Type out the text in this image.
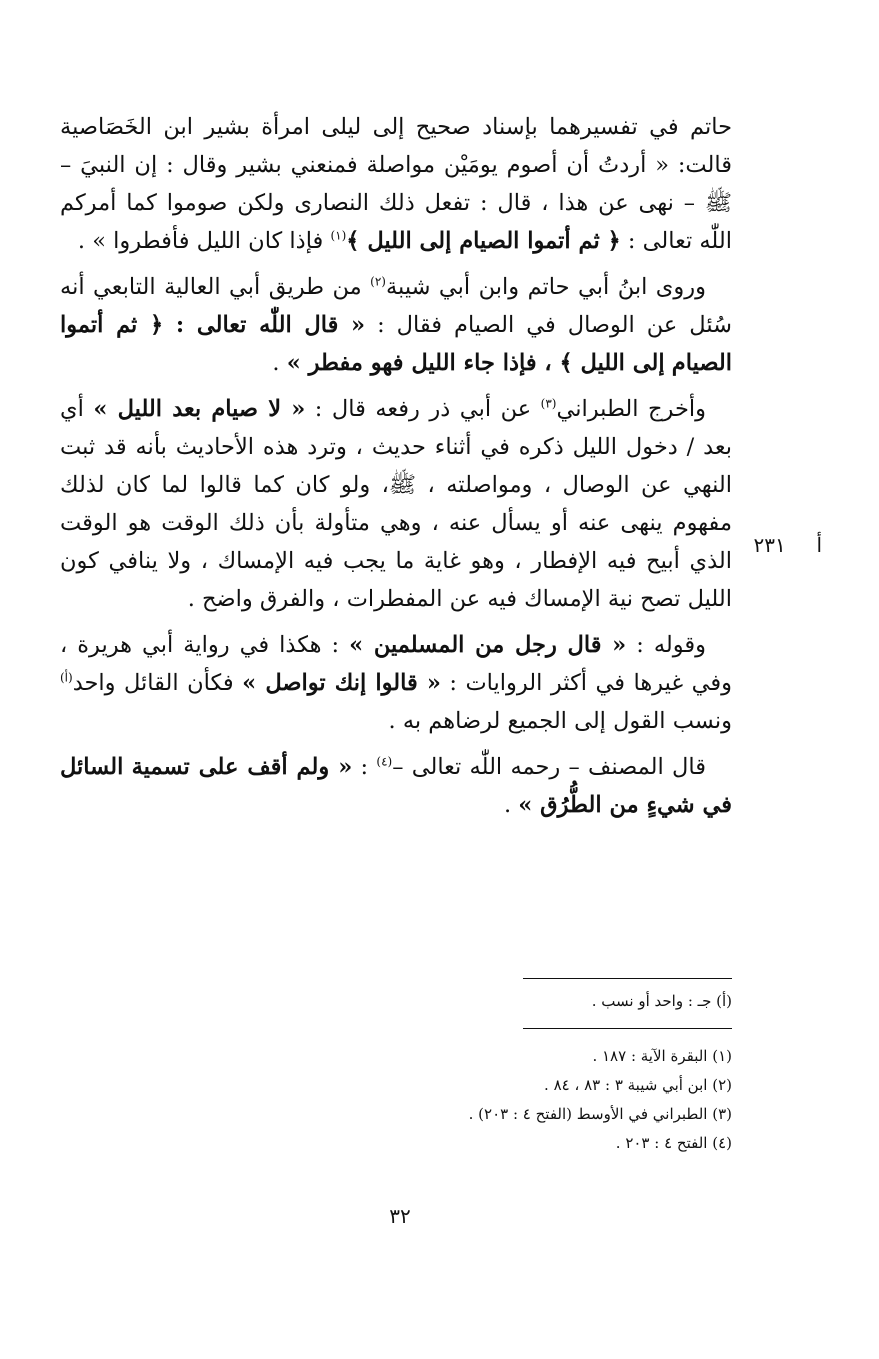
حاتم في تفسيرهما بإسناد صحيح إلى ليلى امرأة بشير ابن الخَصَاصية قالت: « أردتُ أن أصوم يومَيْن مواصلة فمنعني بشير وقال : إن النبيَ – ﷺ – نهى عن هذا ، قال : تفعل ذلك النصارى ولكن صوموا كما أمركم اللّٰه تعالى : ﴿ ثم أتموا الصيام إلى الليل ﴾$^{(١)}$ فإذا كان الليل فأفطروا » .
وروى ابنُ أبي حاتم وابن أبي شيبة$^{(٢)}$ من طريق أبي العالية التابعي أنه سُئل عن الوصال في الصيام فقال : « قال اللّٰه تعالى : ﴿ ثم أتموا الصيام إلى الليل ﴾ ، فإذا جاء الليل فهو مفطر » .
وأخرج الطبراني$^{(٣)}$ عن أبي ذر رفعه قال : « لا صيام بعد الليل » أي بعد / دخول الليل ذكره في أثناء حديث ، وترد هذه الأحاديث بأنه قد ثبت النهي عن الوصال ، ومواصلته ، ﷺ، ولو كان كما قالوا لما كان لذلك مفهوم ينهى عنه أو يسأل عنه ، وهي متأولة بأن ذلك الوقت هو الوقت الذي أبيح فيه الإفطار ، وهو غاية ما يجب فيه الإمساك ، ولا ينافي كون الليل تصح نية الإمساك فيه عن المفطرات ، والفرق واضح .
وقوله : « قال رجل من المسلمين » : هكذا في رواية أبي هريرة ، وفي غيرها في أكثر الروايات : « قالوا إنك تواصل » فكأن القائل واحد$^{(أ)}$ ونسب القول إلى الجميع لرضاهم به .
قال المصنف – رحمه اللّٰه تعالى –$^{(٤)}$ : « ولم أقف على تسمية السائل في شيءٍ من الطُّرُق » .
أ  ٢٣١
(أ) جـ : واحد أو نسب .

(١) البقرة الآية : ١٨٧ .

(٢) ابن أبي شيبة ٣ : ٨٣ ، ٨٤ .

(٣) الطبراني في الأوسط (الفتح ٤ : ٢٠٣) .

(٤) الفتح ٤ : ٢٠٣ .

٣٢
